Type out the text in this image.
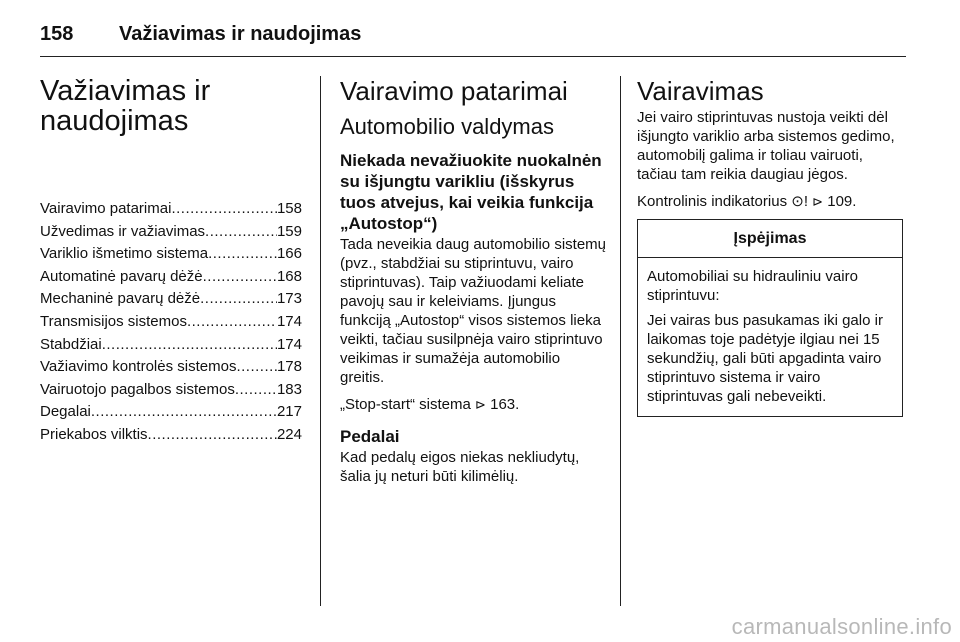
158 Važiavimas ir naudojimas
Važiavimas ir naudojimas
Vairavimo patarimai .....	158
Užvedimas ir važiavimas .....	159
Variklio išmetimo sistema .....	166
Automatinė pavarų dėžė .....	168
Mechaninė pavarų dėžė .....	173
Transmisijos sistemos .....	174
Stabdžiai .....	174
Važiavimo kontrolės sistemos .....	178
Vairuotojo pagalbos sistemos .....	183
Degalai .....	217
Priekabos vilktis .....	224
Vairavimo patarimai
Automobilio valdymas
Niekada nevažiuokite nuokalnėn su išjungtu varikliu (išskyrus tuos atvejus, kai veikia funkcija „Autostop“)
Tada neveikia daug automobilio sistemų (pvz., stabdžiai su stiprintuvu, vairo stiprintuvas). Taip važiuodami keliate pavojų sau ir keleiviams. Įjungus funkciją „Autostop“ visos sistemos lieka veikti, tačiau susilpnėja vairo stiprintuvo veikimas ir sumažėja automobilio greitis.
„Stop-start“ sistema ⊳ 163.
Pedalai
Kad pedalų eigos niekas nekliudytų, šalia jų neturi būti kilimėlių.
Vairavimas
Jei vairo stiprintuvas nustoja veikti dėl išjungto variklio arba sistemos gedimo, automobilį galima ir toliau vairuoti, tačiau tam reikia daugiau jėgos.
Kontrolinis indikatorius ⊙! ⊳ 109.
Įspėjimas
Automobiliai su hidrauliniu vairo stiprintuvu:
Jei vairas bus pasukamas iki galo ir laikomas toje padėtyje ilgiau nei 15 sekundžių, gali būti apgadinta vairo stiprintuvo sistema ir vairo stiprintuvas gali nebeveikti.
carmanualsonline.info
